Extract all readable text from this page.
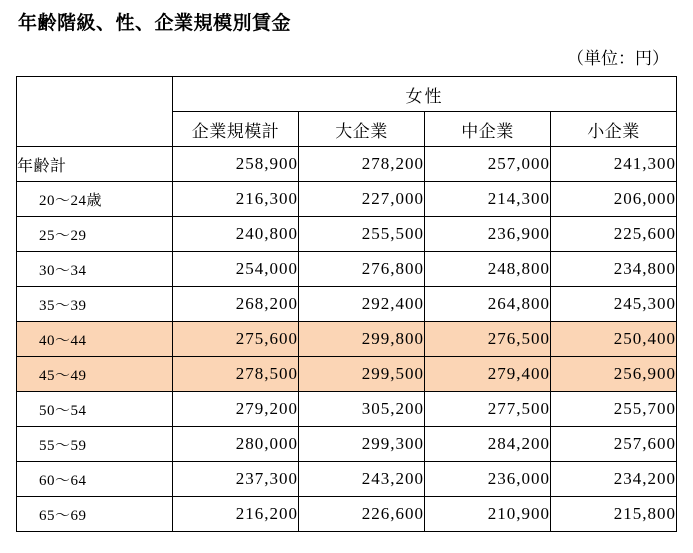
年齢階級、性、企業規模別賃金
（単位：円）
	女性			
	企業規模計	大企業	中企業	小企業
年齢計	258,900	278,200	257,000	241,300
20〜24歳	216,300	227,000	214,300	206,000
25〜29	240,800	255,500	236,900	225,600
30〜34	254,000	276,800	248,800	234,800
35〜39	268,200	292,400	264,800	245,300
40〜44	275,600	299,800	276,500	250,400
45〜49	278,500	299,500	279,400	256,900
50〜54	279,200	305,200	277,500	255,700
55〜59	280,000	299,300	284,200	257,600
60〜64	237,300	243,200	236,000	234,200
65〜69	216,200	226,600	210,900	215,800
